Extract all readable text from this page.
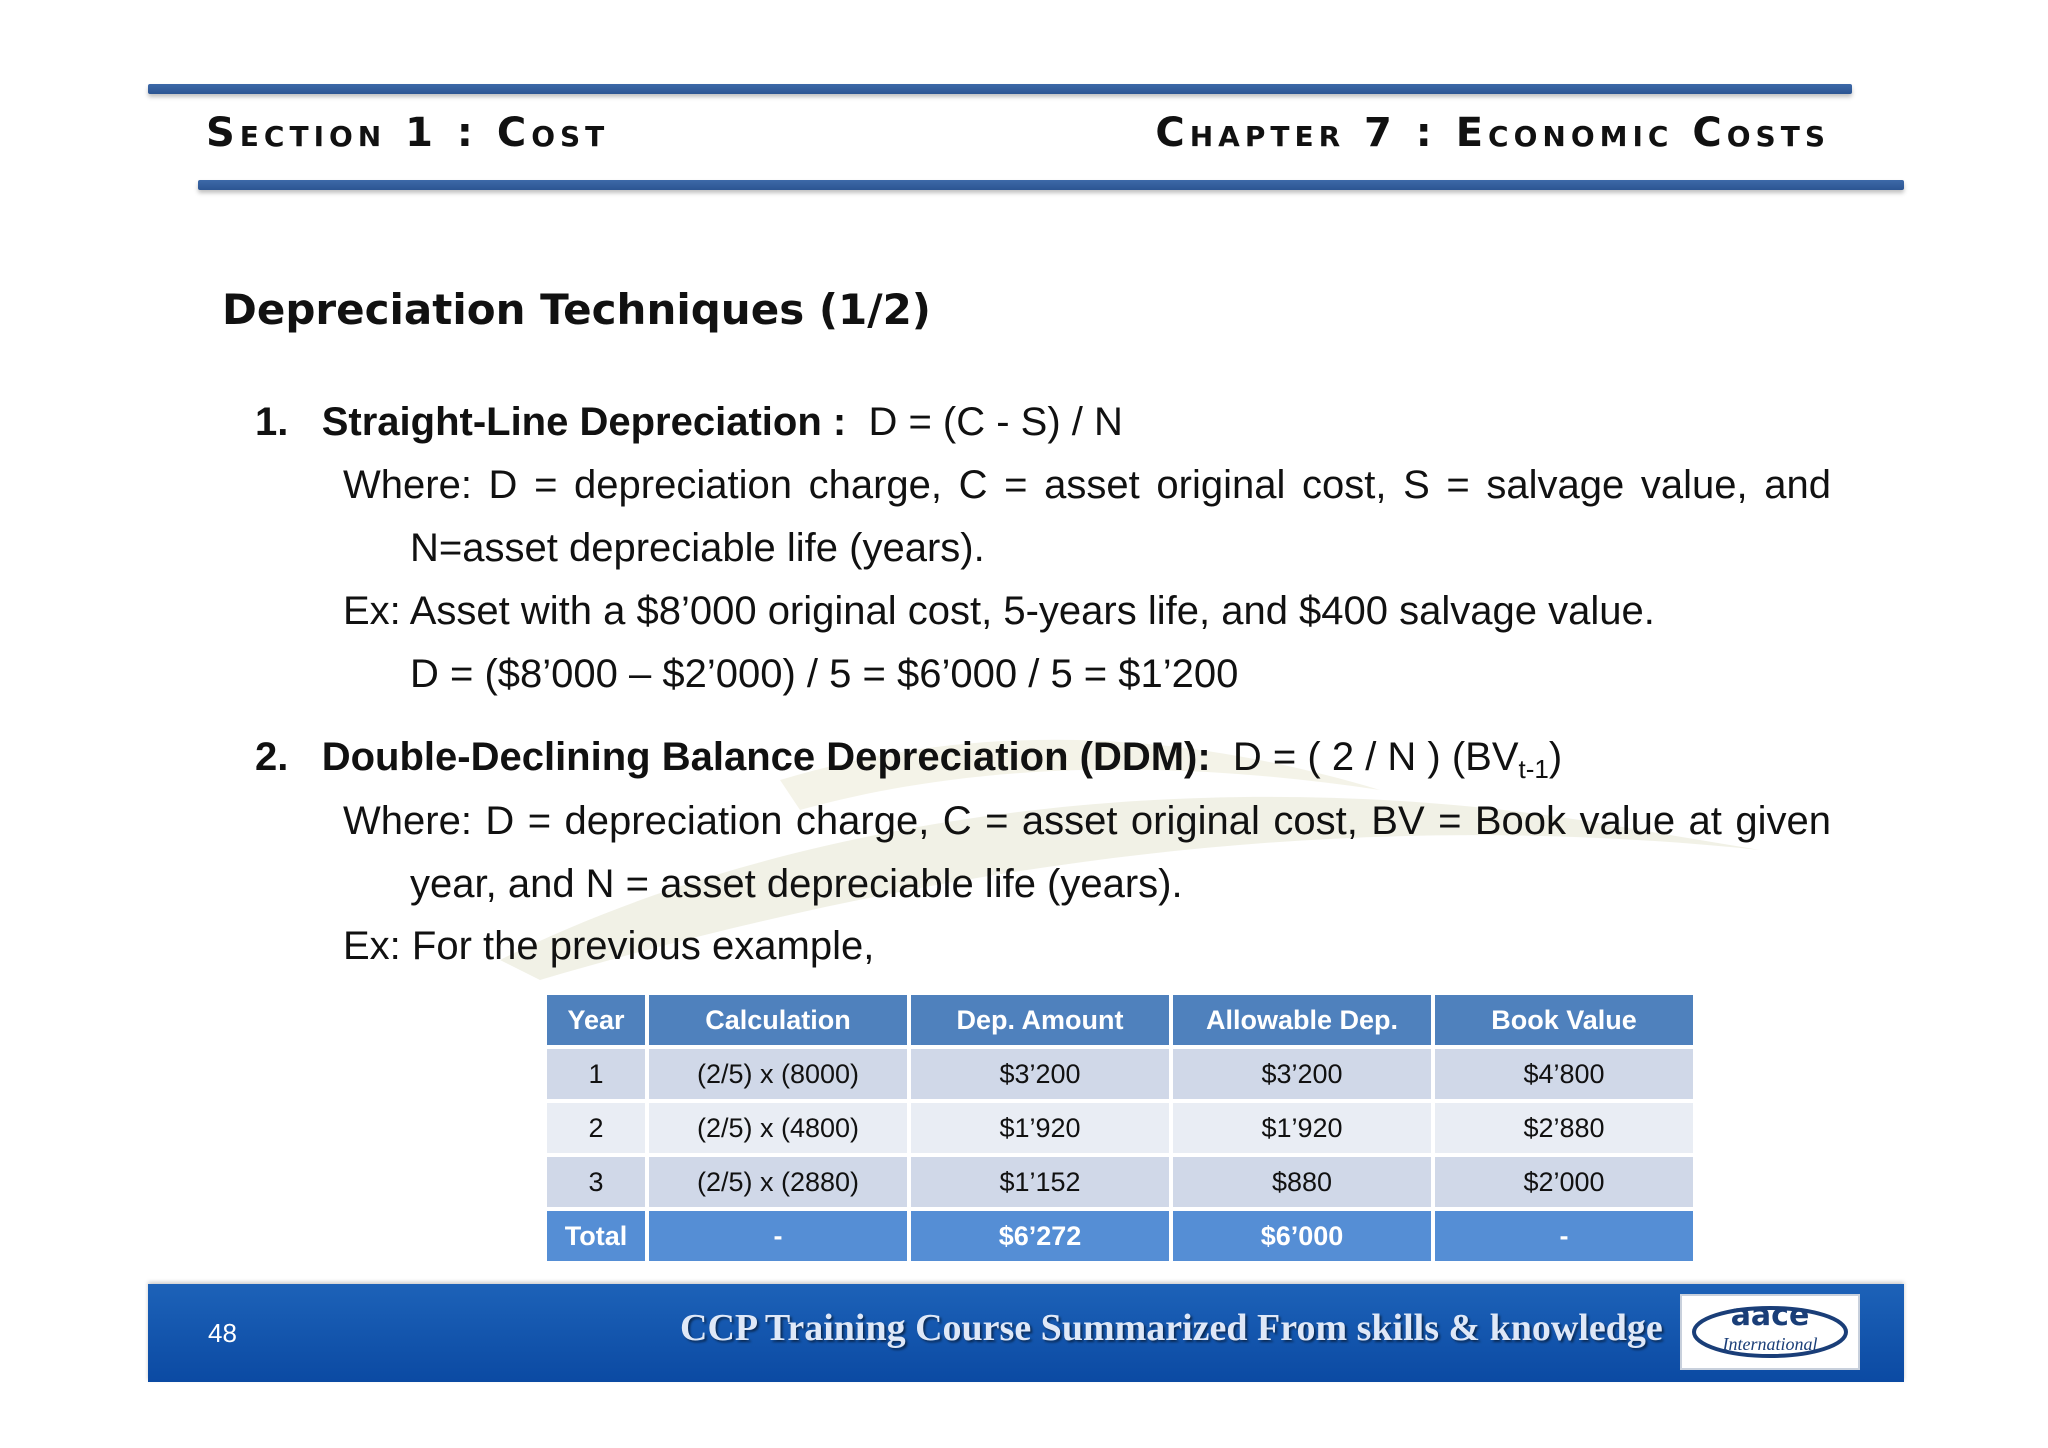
Section 1 : Cost	Chapter 7 : Economic Costs
Depreciation Techniques (1/2)
1. Straight-Line Depreciation : D = (C - S) / N
Where: D = depreciation charge, C = asset original cost, S = salvage value, and
N=asset depreciable life (years).
Ex: Asset with a $8’000 original cost, 5-years life, and $400 salvage value.
D = ($8’000 – $2’000) / 5 = $6’000 / 5 = $1’200
2. Double-Declining Balance Depreciation (DDM): D = ( 2 / N ) $(BV_{t-1})$
Where: D = depreciation charge, C = asset original cost, BV = Book value at given
year, and N = asset depreciable life (years).
Ex: For the previous example,
Year	Calculation	Dep. Amount	Allowable Dep.	Book Value
1	(2/5) x (8000)	$3’200	$3’200	$4’800
2	(2/5) x (4800)	$1’920	$1’920	$2’880
3	(2/5) x (2880)	$1’152	$880	$2’000
Total	-	$6’272	$6’000	-
48	CCP Training Course Summarized From skills & knowledge	aace
International
